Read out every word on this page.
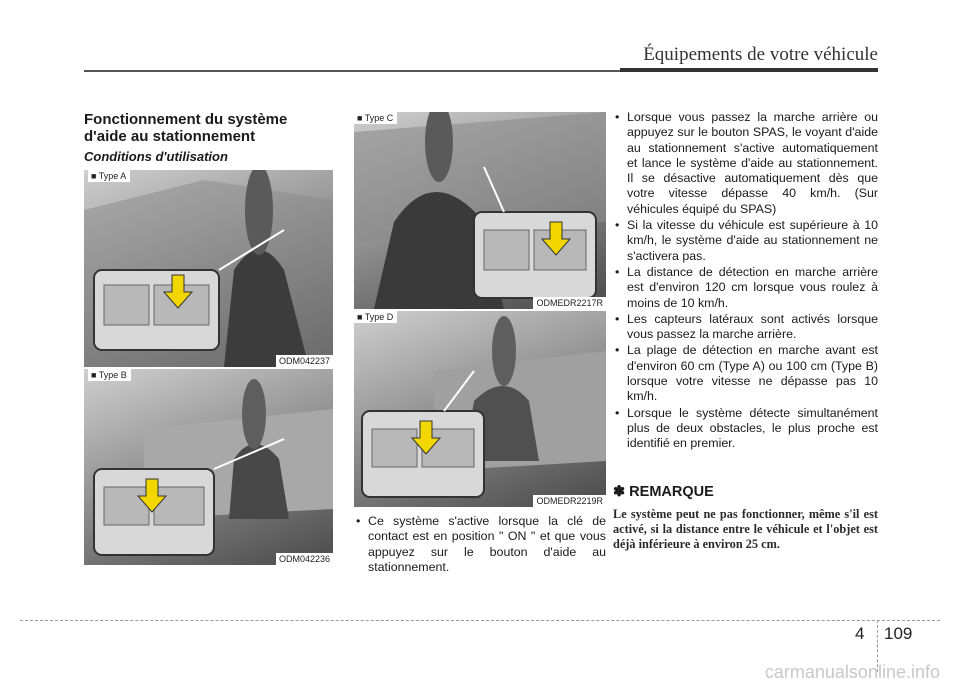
Équipements de votre véhicule
Fonctionnement du système d'aide au stationnement
Conditions d'utilisation
■ Type A
ODM042237
■ Type B
ODM042236
■ Type C
ODMEDR2217R
■ Type D
ODMEDR2219R
• Ce système s'active lorsque la clé de contact est en position " ON " et que vous appuyez sur le bouton d'aide au stationnement.
• Lorsque vous passez la marche arrière ou appuyez sur le bouton SPAS, le voyant d'aide au stationnement s'active automatiquement et lance le système d'aide au stationnement. Il se désactive automatiquement dès que votre vitesse dépasse 40 km/h. (Sur véhicules équipé du SPAS)
• Si la vitesse du véhicule est supérieure à 10 km/h, le système d'aide au stationnement ne s'activera pas.
• La distance de détection en marche arrière est d'environ 120 cm lorsque vous roulez à moins de 10 km/h.
• Les capteurs latéraux sont activés lorsque vous passez la marche arrière.
• La plage de détection en marche avant est d'environ 60 cm (Type A) ou 100 cm (Type B) lorsque votre vitesse ne dépasse pas 10 km/h.
• Lorsque le système détecte simultanément plus de deux obstacles, le plus proche est identifié en premier.
✽ REMARQUE
Le système peut ne pas fonctionner, même s'il est activé, si la distance entre le véhicule et l'objet est déjà inférieure à environ 25 cm.
4 109
carmanualsonline.info
